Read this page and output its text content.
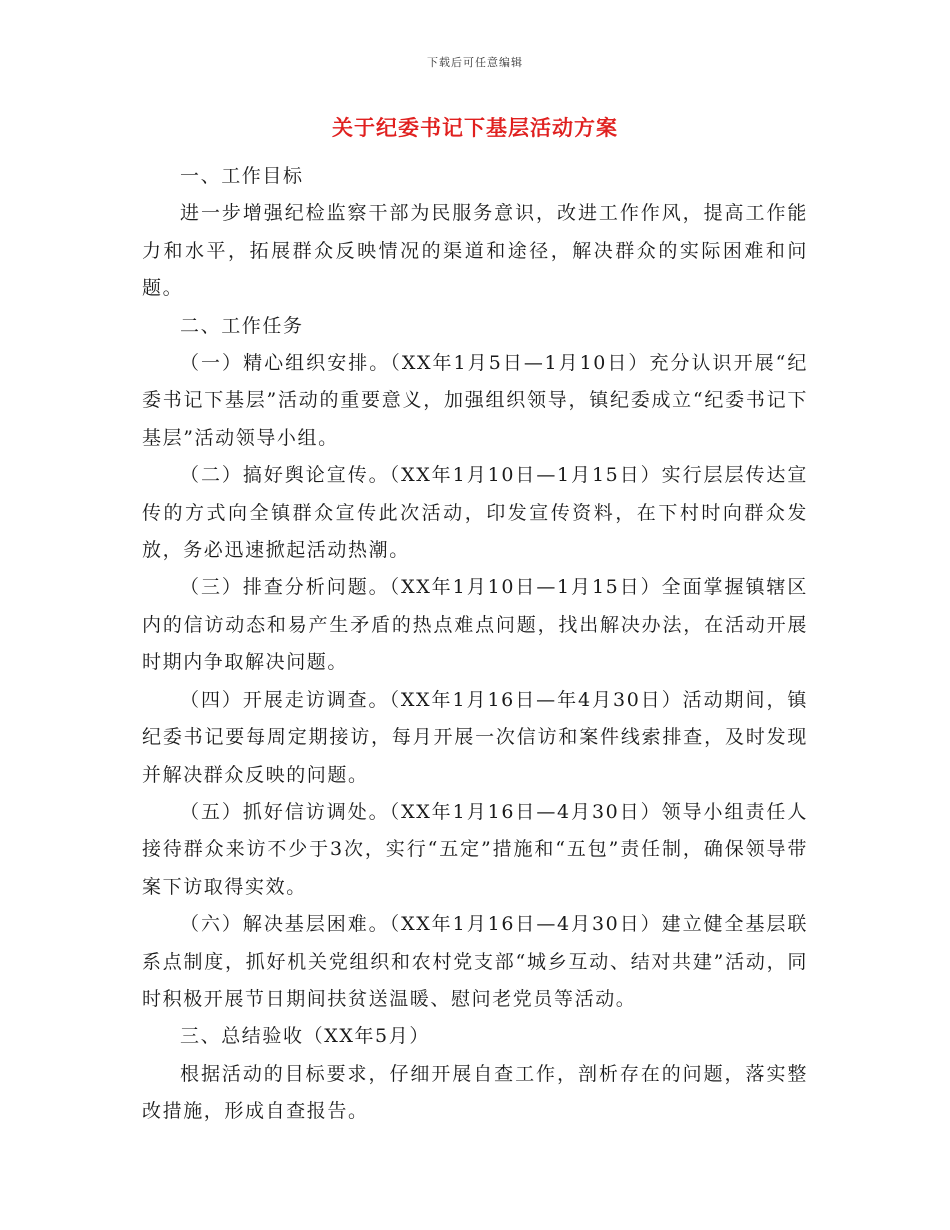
下载后可任意编辑
关于纪委书记下基层活动方案

一、工作目标

进一步增强纪检监察干部为民服务意识，改进工作作风，提高工作能力和水平，拓展群众反映情况的渠道和途径，解决群众的实际困难和问题。

二、工作任务

（一）精心组织安排。（XX年1月5日—1月10日）充分认识开展“纪委书记下基层”活动的重要意义，加强组织领导，镇纪委成立“纪委书记下基层”活动领导小组。

（二）搞好舆论宣传。（XX年1月10日—1月15日）实行层层传达宣传的方式向全镇群众宣传此次活动，印发宣传资料，在下村时向群众发放，务必迅速掀起活动热潮。

（三）排查分析问题。（XX年1月10日—1月15日）全面掌握镇辖区内的信访动态和易产生矛盾的热点难点问题，找出解决办法，在活动开展时期内争取解决问题。

（四）开展走访调查。（XX年1月16日—年4月30日）活动期间，镇纪委书记要每周定期接访，每月开展一次信访和案件线索排查，及时发现并解决群众反映的问题。

（五）抓好信访调处。（XX年1月16日—4月30日）领导小组责任人接待群众来访不少于3次，实行“五定”措施和“五包”责任制，确保领导带案下访取得实效。

（六）解决基层困难。（XX年1月16日—4月30日）建立健全基层联系点制度，抓好机关党组织和农村党支部“城乡互动、结对共建”活动，同时积极开展节日期间扶贫送温暖、慰问老党员等活动。

三、总结验收（XX年5月）

根据活动的目标要求，仔细开展自查工作，剖析存在的问题，落实整改措施，形成自查报告。
